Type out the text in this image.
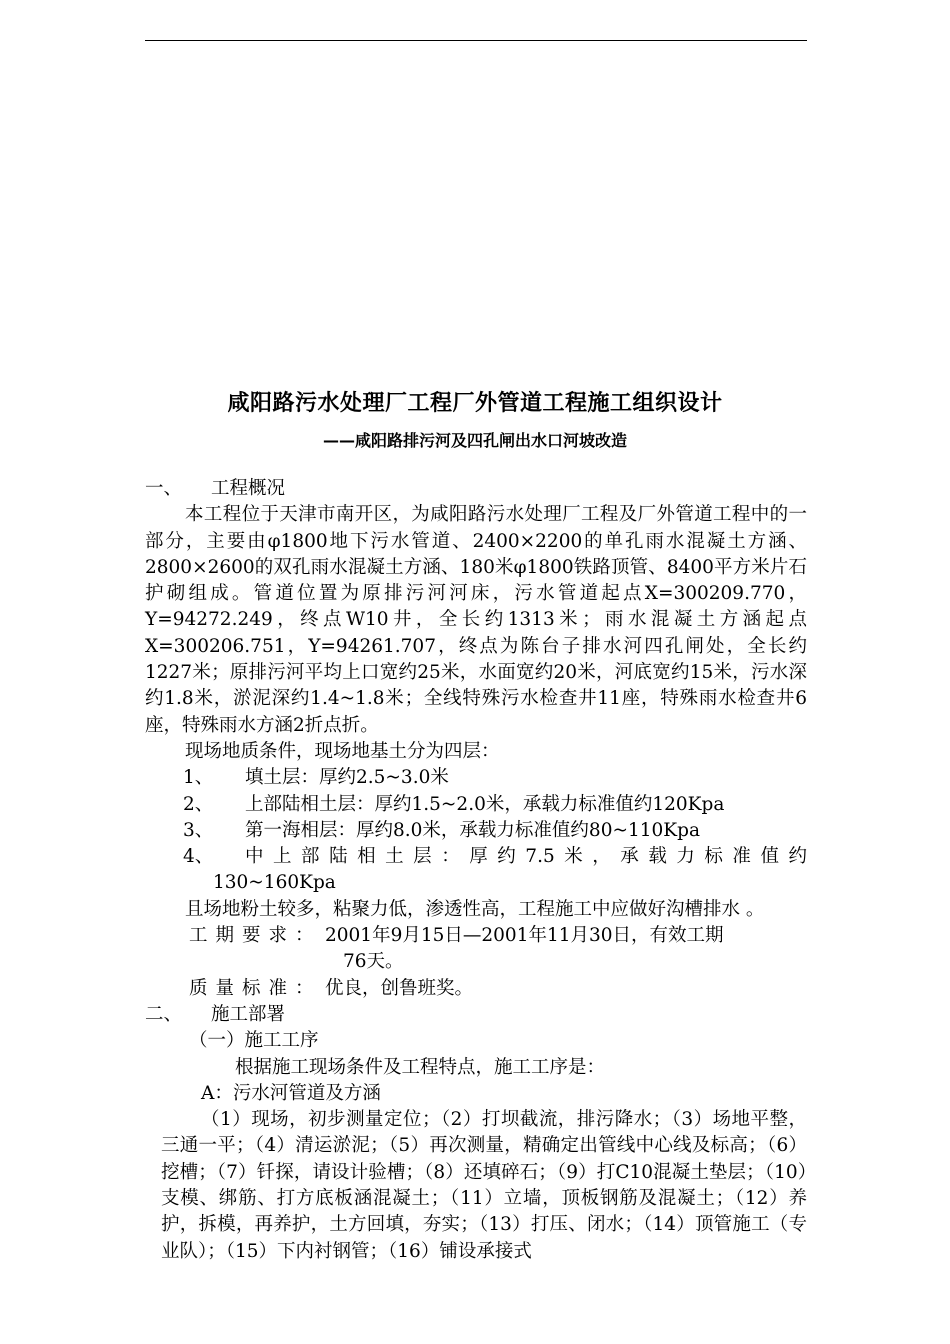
咸阳路污水处理厂工程厂外管道工程施工组织设计
——咸阳路排污河及四孔闸出水口河坡改造
一、	工程概况

本工程位于天津市南开区，为咸阳路污水处理厂工程及厂外管道工程中的一部分，主要由φ1800地下污水管道、2400×2200的单孔雨水混凝土方涵、2800×2600的双孔雨水混凝土方涵、180米φ1800铁路顶管、8400平方米片石护砌组成。管道位置为原排污河河床，污水管道起点X=300209.770，Y=94272.249，终点W10井，全长约1313米；雨水混凝土方涵起点X=300206.751，Y=94261.707，终点为陈台子排水河四孔闸处，全长约1227米；原排污河平均上口宽约25米，水面宽约20米，河底宽约15米，污水深约1.8米，淤泥深约1.4~1.8米；全线特殊污水检查井11座，特殊雨水检查井6座，特殊雨水方涵2折点折。

现场地质条件，现场地基土分为四层：

1、	填土层：厚约2.5~3.0米
2、	上部陆相土层：厚约1.5~2.0米，承载力标准值约120Kpa
3、	第一海相层：厚约8.0米，承载力标准值约80~110Kpa
4、	中上部陆相土层：厚约7.5米，承载力标准值约
130~160Kpa

且场地粉土较多，粘聚力低，渗透性高，工程施工中应做好沟槽排水 。

工期要求： 2001年9月15日—2001年11月30日，有效工期
76天。
质量标准： 优良，创鲁班奖。
二、	施工部署
（一）施工工序
根据施工现场条件及工程特点，施工工序是：
A：污水河管道及方涵

（1）现场，初步测量定位；（2）打坝截流，排污降水；（3）场地平整，三通一平；（4）清运淤泥；（5）再次测量，精确定出管线中心线及标高；（6）挖槽；（7）钎探，请设计验槽；（8）还填碎石；（9）打C10混凝土垫层；（10）支模、绑筋、打方底板涵混凝土；（11）立墙，顶板钢筋及混凝土；（12）养护，拆模，再养护，土方回填，夯实；（13）打压、闭水；（14）顶管施工（专业队）；（15）下内衬钢管；（16）铺设承接式
